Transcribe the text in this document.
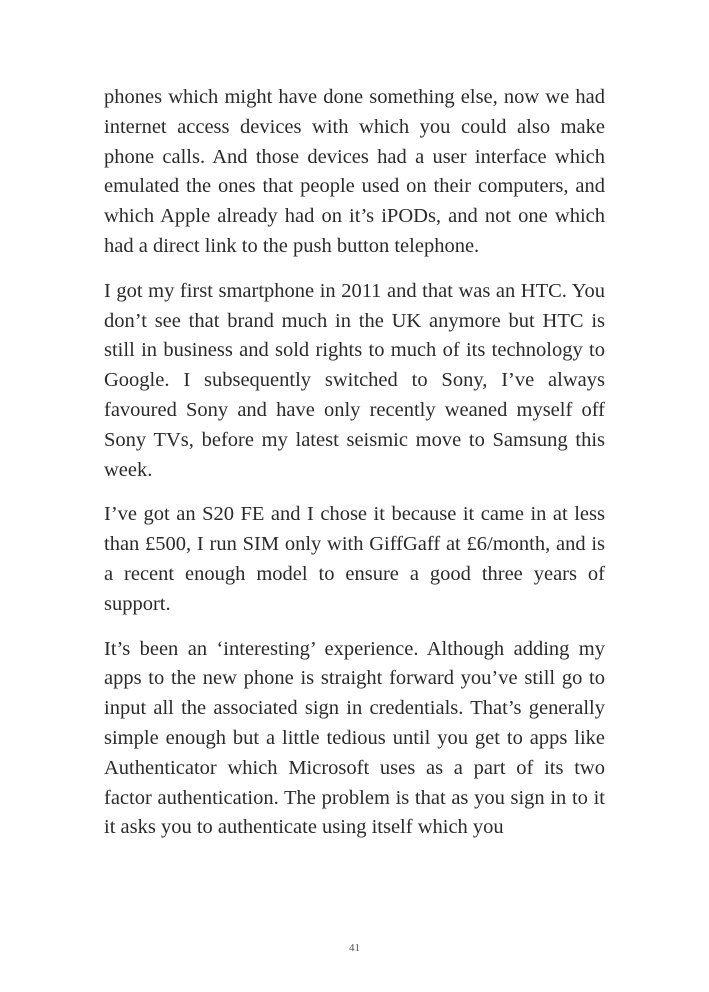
phones which might have done something else, now we had internet access devices with which you could also make phone calls. And those devices had a user interface which emulated the ones that people used on their computers, and which Apple already had on it’s iPODs, and not one which had a direct link to the push button telephone.

I got my first smartphone in 2011 and that was an HTC. You don’t see that brand much in the UK anymore but HTC is still in business and sold rights to much of its technology to Google. I subsequently switched to Sony, I’ve always favoured Sony and have only recently weaned myself off Sony TVs, before my latest seismic move to Samsung this week.

I’ve got an S20 FE and I chose it because it came in at less than £500, I run SIM only with GiffGaff at £6/month, and is a recent enough model to ensure a good three years of support.

It’s been an ‘interesting’ experience. Although adding my apps to the new phone is straight forward you’ve still go to input all the associated sign in credentials. That’s generally simple enough but a little tedious until you get to apps like Authenticator which Microsoft uses as a part of its two factor authentication. The problem is that as you sign in to it it asks you to authenticate using itself which you

41
